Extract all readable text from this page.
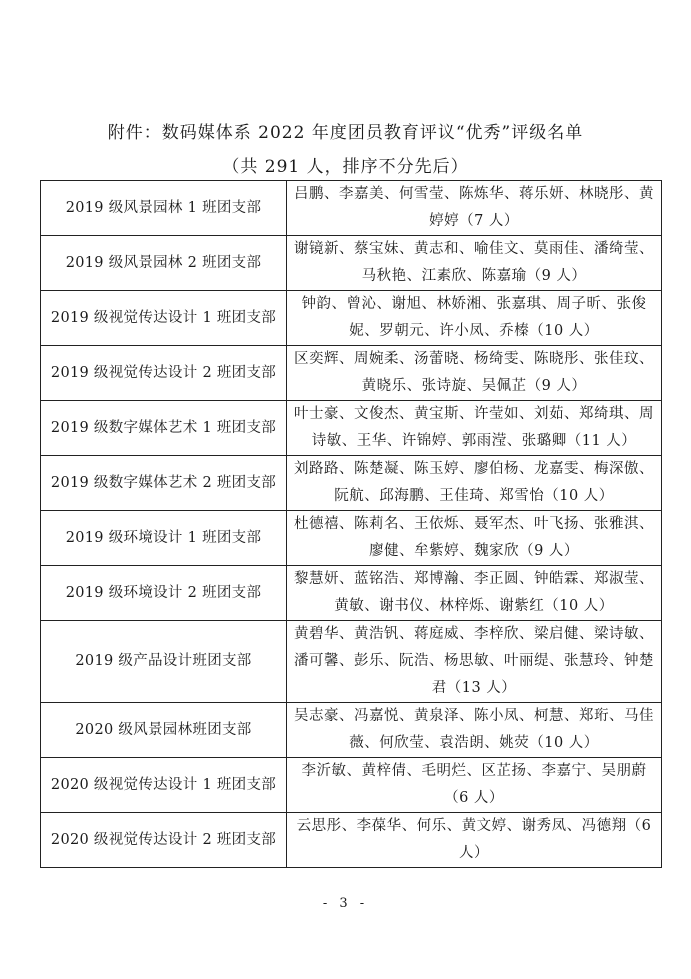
附件：数码媒体系 2022 年度团员教育评议“优秀”评级名单
（共 291 人，排序不分先后）
2019 级风景园林 1 班团支部	吕鹏、李嘉美、何雪莹、陈炼华、蒋乐妍、林晓彤、黄婷婷（7 人）
2019 级风景园林 2 班团支部	谢镜新、蔡宝妹、黄志和、喻佳文、莫雨佳、潘绮莹、马秋艳、江素欣、陈嘉瑜（9 人）
2019 级视觉传达设计 1 班团支部	钟韵、曾沁、谢旭、林娇湘、张嘉琪、周子昕、张俊妮、罗朝元、许小凤、乔榛（10 人）
2019 级视觉传达设计 2 班团支部	区奕辉、周婉柔、汤蕾晓、杨绮雯、陈晓彤、张佳玟、黄晓乐、张诗旋、吴佩芷（9 人）
2019 级数字媒体艺术 1 班团支部	叶士豪、文俊杰、黄宝斯、许莹如、刘茹、郑绮琪、周诗敏、王华、许锦婷、郭雨滢、张璐卿（11 人）
2019 级数字媒体艺术 2 班团支部	刘路路、陈楚凝、陈玉婷、廖伯杨、龙嘉雯、梅深傲、阮航、邱海鹏、王佳琦、郑雪怡（10 人）
2019 级环境设计 1 班团支部	杜德禧、陈莉名、王依烁、聂军杰、叶飞扬、张雅淇、廖健、牟紫婷、魏家欣（9 人）
2019 级环境设计 2 班团支部	黎慧妍、蓝铭浩、郑博瀚、李正圆、钟皓霖、郑淑莹、黄敏、谢书仪、林梓烁、谢紫红（10 人）
2019 级产品设计班团支部	黄碧华、黄浩钒、蒋庭威、李梓欣、梁启健、梁诗敏、潘可馨、彭乐、阮浩、杨思敏、叶丽缇、张慧玲、钟楚君（13 人）
2020 级风景园林班团支部	吴志豪、冯嘉悦、黄泉泽、陈小凤、柯慧、郑珩、马佳薇、何欣莹、袁浩朗、姚荧（10 人）
2020 级视觉传达设计 1 班团支部	李沂敏、黄梓倩、毛明烂、区芷扬、李嘉宁、吴朋蔚（6 人）
2020 级视觉传达设计 2 班团支部	云思彤、李葆华、何乐、黄文婷、谢秀凤、冯德翔（6 人）
- 3 -
